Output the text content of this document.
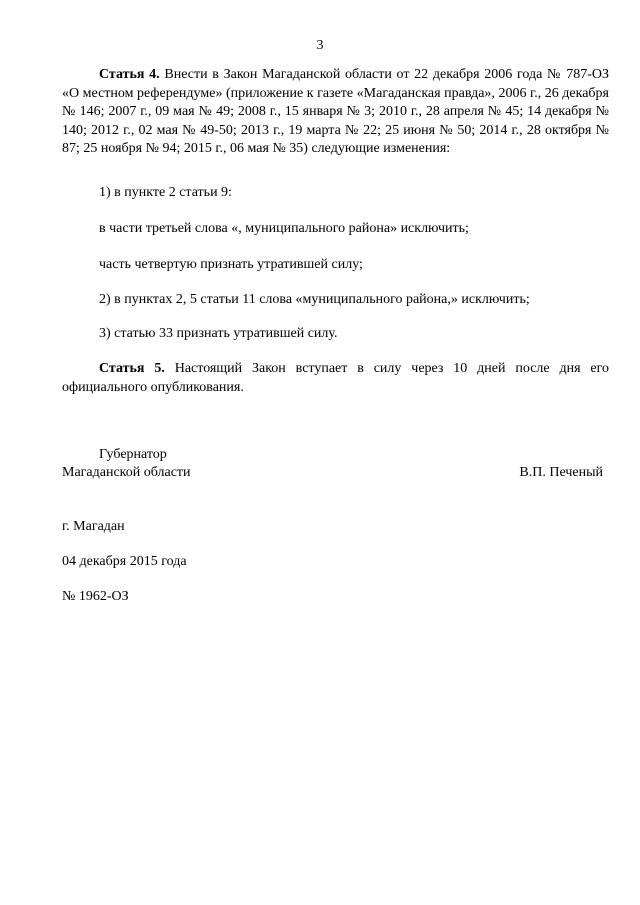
3
Статья 4. Внести в Закон Магаданской области от 22 декабря 2006 года № 787-ОЗ «О местном референдуме» (приложение к газете «Магаданская правда», 2006 г., 26 декабря № 146; 2007 г., 09 мая № 49; 2008 г., 15 января № 3; 2010 г., 28 апреля № 45; 14 декабря № 140; 2012 г., 02 мая № 49-50; 2013 г., 19 марта № 22; 25 июня № 50; 2014 г., 28 октября № 87; 25 ноября № 94; 2015 г., 06 мая № 35) следующие изменения:
1) в пункте 2 статьи 9:
в части третьей слова «, муниципального района» исключить;
часть четвертую признать утратившей силу;
2) в пунктах 2, 5 статьи 11 слова «муниципального района,» исключить;
3) статью 33 признать утратившей силу.
Статья 5. Настоящий Закон вступает в силу через 10 дней после дня его официального опубликования.
Губернатор
Магаданской области	В.П. Печеный
г. Магадан
04 декабря 2015 года
№ 1962-ОЗ
